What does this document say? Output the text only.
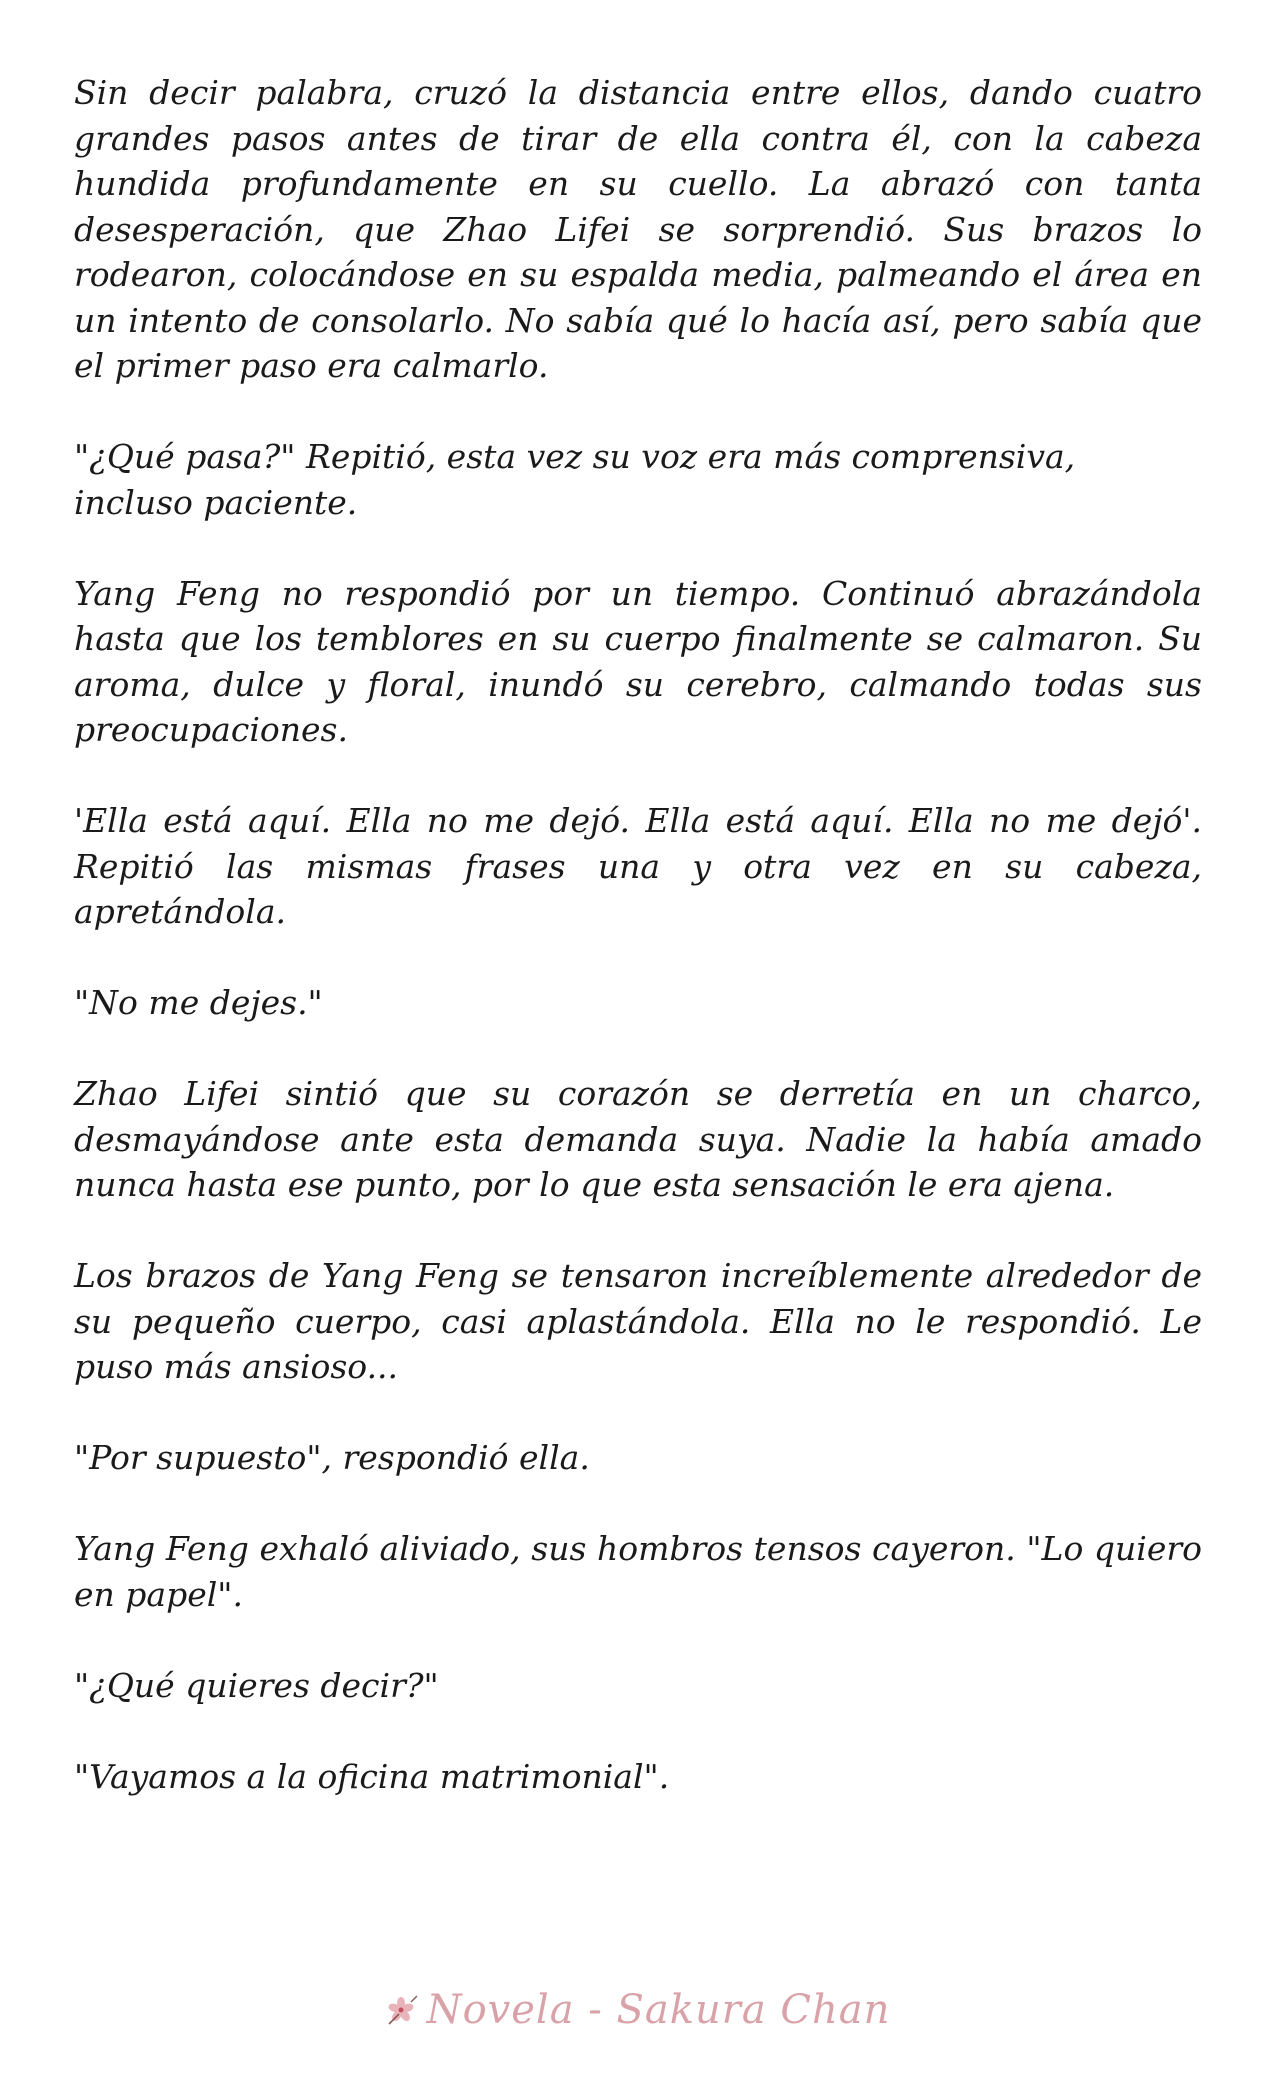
Sin decir palabra, cruzó la distancia entre ellos, dando cuatro grandes pasos antes de tirar de ella contra él, con la cabeza hundida profundamente en su cuello. La abrazó con tanta desesperación, que Zhao Lifei se sorprendió. Sus brazos lo rodearon, colocándose en su espalda media, palmeando el área en un intento de consolarlo. No sabía qué lo hacía así, pero sabía que el primer paso era calmarlo.

"¿Qué pasa?" Repitió, esta vez su voz era más comprensiva, incluso paciente.

Yang Feng no respondió por un tiempo. Continuó abrazándola hasta que los temblores en su cuerpo finalmente se calmaron. Su aroma, dulce y floral, inundó su cerebro, calmando todas sus preocupaciones.

'Ella está aquí. Ella no me dejó. Ella está aquí. Ella no me dejó'. Repitió las mismas frases una y otra vez en su cabeza, apretándola.

"No me dejes."

Zhao Lifei sintió que su corazón se derretía en un charco, desmayándose ante esta demanda suya. Nadie la había amado nunca hasta ese punto, por lo que esta sensación le era ajena.

Los brazos de Yang Feng se tensaron increíblemente alrededor de su pequeño cuerpo, casi aplastándola. Ella no le respondió. Le puso más ansioso...

"Por supuesto", respondió ella.

Yang Feng exhaló aliviado, sus hombros tensos cayeron. "Lo quiero en papel".

"¿Qué quieres decir?"

"Vayamos a la oficina matrimonial".

Novela - Sakura Chan
